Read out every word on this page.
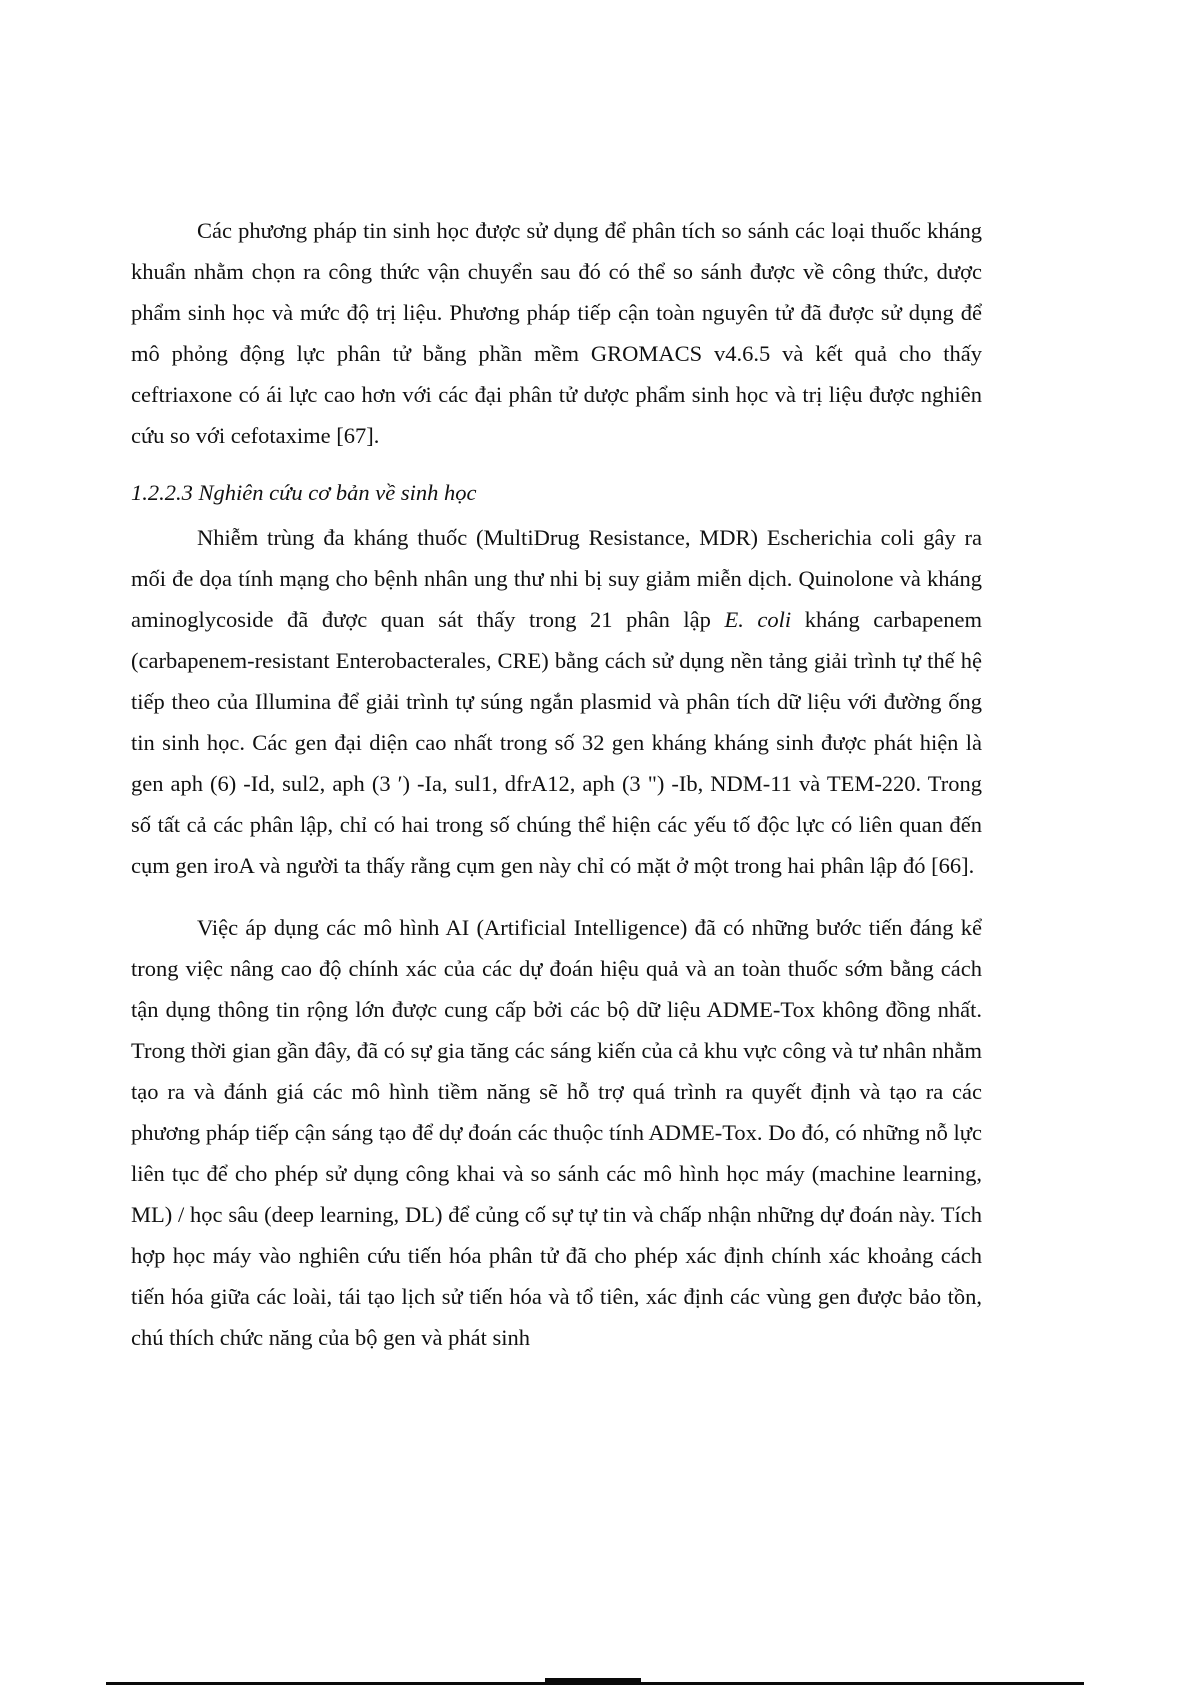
Các phương pháp tin sinh học được sử dụng để phân tích so sánh các loại thuốc kháng khuẩn nhằm chọn ra công thức vận chuyển sau đó có thể so sánh được về công thức, dược phẩm sinh học và mức độ trị liệu. Phương pháp tiếp cận toàn nguyên tử đã được sử dụng để mô phỏng động lực phân tử bằng phần mềm GROMACS v4.6.5 và kết quả cho thấy ceftriaxone có ái lực cao hơn với các đại phân tử dược phẩm sinh học và trị liệu được nghiên cứu so với cefotaxime [67].

1.2.2.3 Nghiên cứu cơ bản về sinh học

Nhiễm trùng đa kháng thuốc (MultiDrug Resistance, MDR) Escherichia coli gây ra mối đe dọa tính mạng cho bệnh nhân ung thư nhi bị suy giảm miễn dịch. Quinolone và kháng aminoglycoside đã được quan sát thấy trong 21 phân lập E. coli kháng carbapenem (carbapenem-resistant Enterobacterales, CRE) bằng cách sử dụng nền tảng giải trình tự thế hệ tiếp theo của Illumina để giải trình tự súng ngắn plasmid và phân tích dữ liệu với đường ống tin sinh học. Các gen đại diện cao nhất trong số 32 gen kháng kháng sinh được phát hiện là gen aph (6) -Id, sul2, aph (3 ′) -Ia, sul1, dfrA12, aph (3 ") -Ib, NDM-11 và TEM-220. Trong số tất cả các phân lập, chỉ có hai trong số chúng thể hiện các yếu tố độc lực có liên quan đến cụm gen iroA và người ta thấy rằng cụm gen này chỉ có mặt ở một trong hai phân lập đó [66].

Việc áp dụng các mô hình AI (Artificial Intelligence) đã có những bước tiến đáng kể trong việc nâng cao độ chính xác của các dự đoán hiệu quả và an toàn thuốc sớm bằng cách tận dụng thông tin rộng lớn được cung cấp bởi các bộ dữ liệu ADME-Tox không đồng nhất. Trong thời gian gần đây, đã có sự gia tăng các sáng kiến của cả khu vực công và tư nhân nhằm tạo ra và đánh giá các mô hình tiềm năng sẽ hỗ trợ quá trình ra quyết định và tạo ra các phương pháp tiếp cận sáng tạo để dự đoán các thuộc tính ADME-Tox. Do đó, có những nỗ lực liên tục để cho phép sử dụng công khai và so sánh các mô hình học máy (machine learning, ML) / học sâu (deep learning, DL) để củng cố sự tự tin và chấp nhận những dự đoán này. Tích hợp học máy vào nghiên cứu tiến hóa phân tử đã cho phép xác định chính xác khoảng cách tiến hóa giữa các loài, tái tạo lịch sử tiến hóa và tổ tiên, xác định các vùng gen được bảo tồn, chú thích chức năng của bộ gen và phát sinh
